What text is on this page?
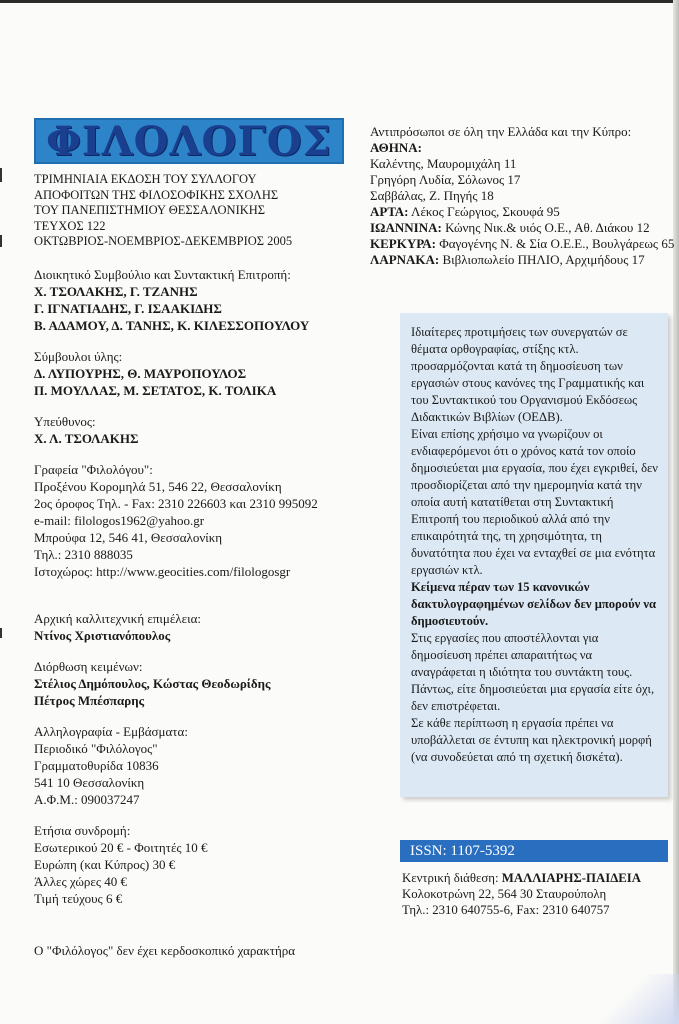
ΦΙΛΟΛΟΓΟΣ
ΤΡΙΜΗΝΙΑΙΑ ΕΚΔΟΣΗ ΤΟΥ ΣΥΛΛΟΓΟΥ
ΑΠΟΦΟΙΤΩΝ ΤΗΣ ΦΙΛΟΣΟΦΙΚΗΣ ΣΧΟΛΗΣ
ΤΟΥ ΠΑΝΕΠΙΣΤΗΜΙΟΥ ΘΕΣΣΑΛΟΝΙΚΗΣ
ΤΕΥΧΟΣ 122
ΟΚΤΩΒΡΙΟΣ-ΝΟΕΜΒΡΙΟΣ-ΔΕΚΕΜΒΡΙΟΣ 2005
Διοικητικό Συμβούλιο και Συντακτική Επιτροπή:
Χ. ΤΣΟΛΑΚΗΣ, Γ. ΤΖΑΝΗΣ
Γ. ΙΓΝΑΤΙΑΔΗΣ, Γ. ΙΣΑΑΚΙΔΗΣ
Β. ΑΔΑΜΟΥ, Δ. ΤΑΝΗΣ, Κ. ΚΙΛΕΣΣΟΠΟΥΛΟΥ
Σύμβουλοι ύλης:
Δ. ΛΥΠΟΥΡΗΣ, Θ. ΜΑΥΡΟΠΟΥΛΟΣ
Π. ΜΟΥΛΛΑΣ, Μ. ΣΕΤΑΤΟΣ, Κ. ΤΟΛΙΚΑ
Υπεύθυνος:
Χ. Λ. ΤΣΟΛΑΚΗΣ
Γραφεία "Φιλολόγου":
Προξένου Κορομηλά 51, 546 22, Θεσσαλονίκη
2ος όροφος Τηλ. - Fax: 2310 226603 και 2310 995092
e-mail: filologos1962@yahoo.gr
Μπρούφα 12, 546 41, Θεσσαλονίκη
Τηλ.: 2310 888035
Ιστοχώρος: http://www.geocities.com/filologosgr
Αρχική καλλιτεχνική επιμέλεια:
Ντίνος Χριστιανόπουλος
Διόρθωση κειμένων:
Στέλιος Δημόπουλος, Κώστας Θεοδωρίδης
Πέτρος Μπέσπαρης
Αλληλογραφία - Εμβάσματα:
Περιοδικό "Φιλόλογος"
Γραμματοθυρίδα 10836
541 10 Θεσσαλονίκη
Α.Φ.Μ.: 090037247
Ετήσια συνδρομή:
Εσωτερικού 20 € - Φοιτητές 10 €
Ευρώπη (και Κύπρος) 30 €
Άλλες χώρες 40 €
Τιμή τεύχους 6 €
Ο "Φιλόλογος" δεν έχει κερδοσκοπικό χαρακτήρα
Αντιπρόσωποι σε όλη την Ελλάδα και την Κύπρο:
ΑΘΗΝΑ:
Καλέντης, Μαυρομιχάλη 11
Γρηγόρη Λυδία, Σόλωνος 17
Σαββάλας, Ζ. Πηγής 18
ΑΡΤΑ: Λέκος Γεώργιος, Σκουφά 95
ΙΩΑΝΝΙΝΑ: Κώνης Νικ.& υιός Ο.Ε., Αθ. Διάκου 12
ΚΕΡΚΥΡΑ: Φαγογένης Ν. & Σία Ο.Ε.Ε., Βουλγάρεως 65
ΛΑΡΝΑΚΑ: Βιβλιοπωλείο ΠΗΛΙΟ, Αρχιμήδους 17

Ιδιαίτερες προτιμήσεις των συνεργατών σε θέματα ορθογραφίας, στίξης κτλ. προσαρμόζονται κατά τη δημοσίευση των εργασιών στους κανόνες της Γραμματικής και του Συντακτικού του Οργανισμού Εκδόσεως Διδακτικών Βιβλίων (ΟΕΔΒ).

Είναι επίσης χρήσιμο να γνωρίζουν οι ενδιαφερόμενοι ότι ο χρόνος κατά τον οποίο δημοσιεύεται μια εργασία, που έχει εγκριθεί, δεν προσδιορίζεται από την ημερομηνία κατά την οποία αυτή κατατίθεται στη Συντακτική Επιτροπή του περιοδικού αλλά από την επικαιρότητά της, τη χρησιμότητα, τη δυνατότητα που έχει να ενταχθεί σε μια ενότητα εργασιών κτλ.

Κείμενα πέραν των 15 κανονικών δακτυλογραφημένων σελίδων δεν μπορούν να δημοσιευτούν.

Στις εργασίες που αποστέλλονται για δημοσίευση πρέπει απαραιτήτως να αναγράφεται η ιδιότητα του συντάκτη τους.

Πάντως, είτε δημοσιεύεται μια εργασία είτε όχι, δεν επιστρέφεται.

Σε κάθε περίπτωση η εργασία πρέπει να υποβάλλεται σε έντυπη και ηλεκτρονική μορφή (να συνοδεύεται από τη σχετική δισκέτα).

ISSN: 1107-5392
Κεντρική διάθεση: ΜΑΛΛΙΑΡΗΣ-ΠΑΙΔΕΙΑ
Κολοκοτρώνη 22, 564 30 Σταυρούπολη
Τηλ.: 2310 640755-6, Fax: 2310 640757
